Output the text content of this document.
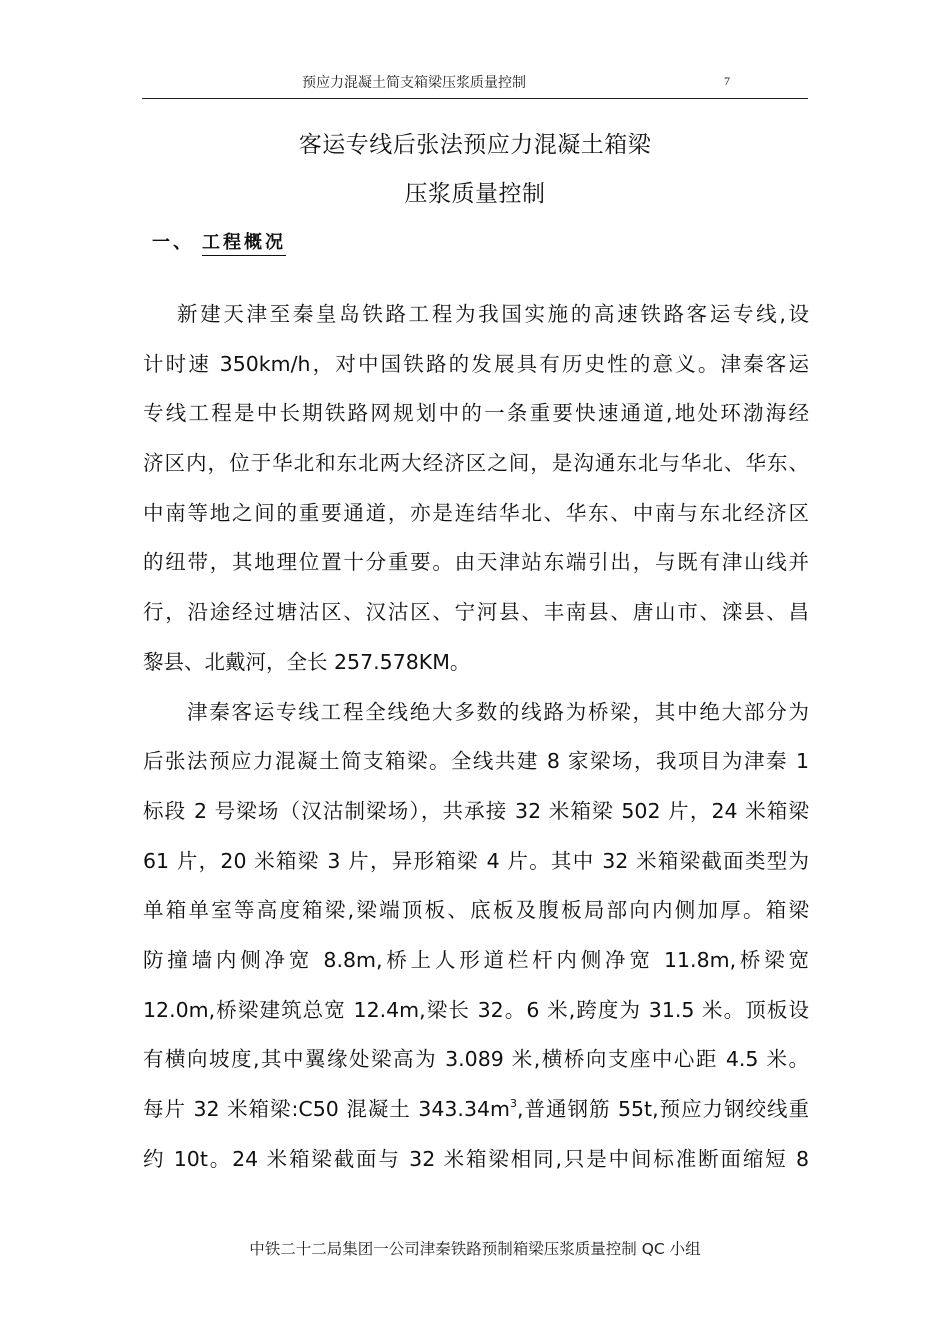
预应力混凝土简支箱梁压浆质量控制	7
客运专线后张法预应力混凝土箱梁
压浆质量控制
一、 工程概况
新建天津至秦皇岛铁路工程为我国实施的高速铁路客运专线,设
计时速 350km/h，对中国铁路的发展具有历史性的意义。津秦客运
专线工程是中长期铁路网规划中的一条重要快速通道,地处环渤海经
济区内，位于华北和东北两大经济区之间，是沟通东北与华北、华东、
中南等地之间的重要通道，亦是连结华北、华东、中南与东北经济区
的纽带，其地理位置十分重要。由天津站东端引出，与既有津山线并
行，沿途经过塘沽区、汉沽区、宁河县、丰南县、唐山市、滦县、昌
黎县、北戴河，全长 257.578KM。
津秦客运专线工程全线绝大多数的线路为桥梁，其中绝大部分为
后张法预应力混凝土简支箱梁。全线共建 8 家梁场，我项目为津秦 1
标段 2 号梁场（汉沽制梁场），共承接 32 米箱梁 502 片，24 米箱梁
61 片，20 米箱梁 3 片，异形箱梁 4 片。其中 32 米箱梁截面类型为
单箱单室等高度箱梁,梁端顶板、底板及腹板局部向内侧加厚。箱梁
防撞墙内侧净宽 8.8m,桥上人形道栏杆内侧净宽 11.8m,桥梁宽
12.0m,桥梁建筑总宽 12.4m,梁长 32。6 米,跨度为 31.5 米。顶板设
有横向坡度,其中翼缘处梁高为 3.089 米,横桥向支座中心距 4.5 米。
每片 32 米箱梁:C50 混凝土 $343.34m^3$,普通钢筋 55t,预应力钢绞线重
约 10t。24 米箱梁截面与 32 米箱梁相同,只是中间标准断面缩短 8
中铁二十二局集团一公司津秦铁路预制箱梁压浆质量控制 QC 小组
